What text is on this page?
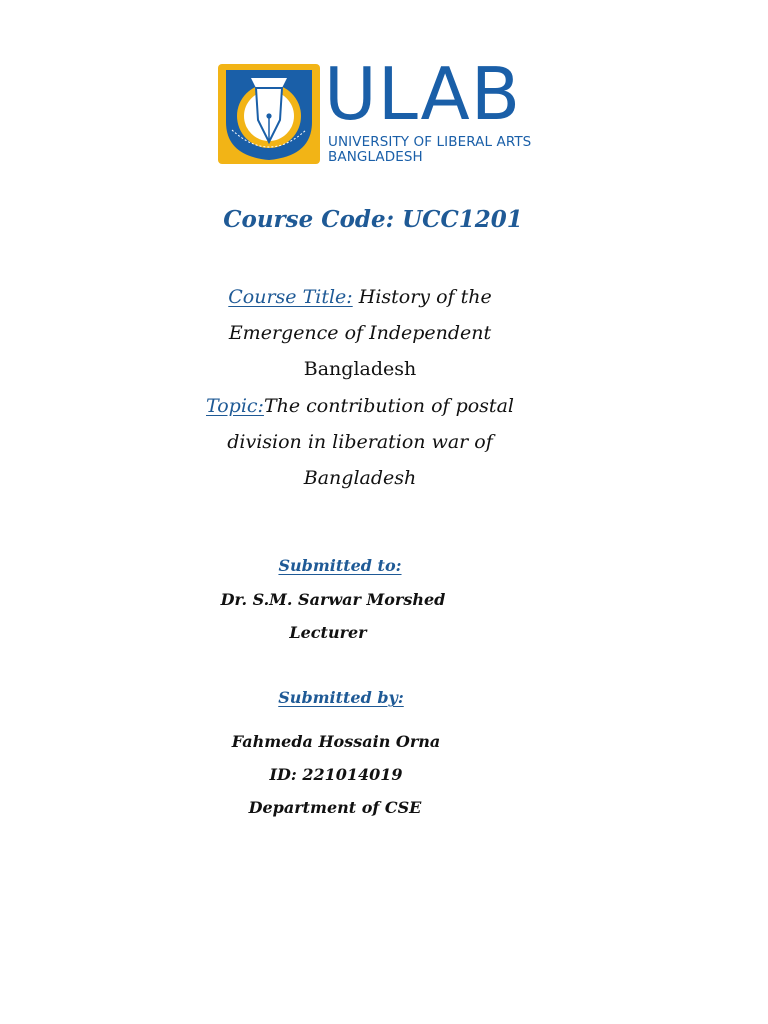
ULAB
UNIVERSITY OF LIBERAL ARTS
BANGLADESH
Course Code: UCC1201
Course Title: History of the
Emergence of Independent
Bangladesh
Topic:The contribution of postal
division in liberation war of
Bangladesh
Submitted to:
Dr. S.M. Sarwar Morshed
Lecturer
Submitted by:
Fahmeda Hossain Orna
ID: 221014019
Department of CSE
